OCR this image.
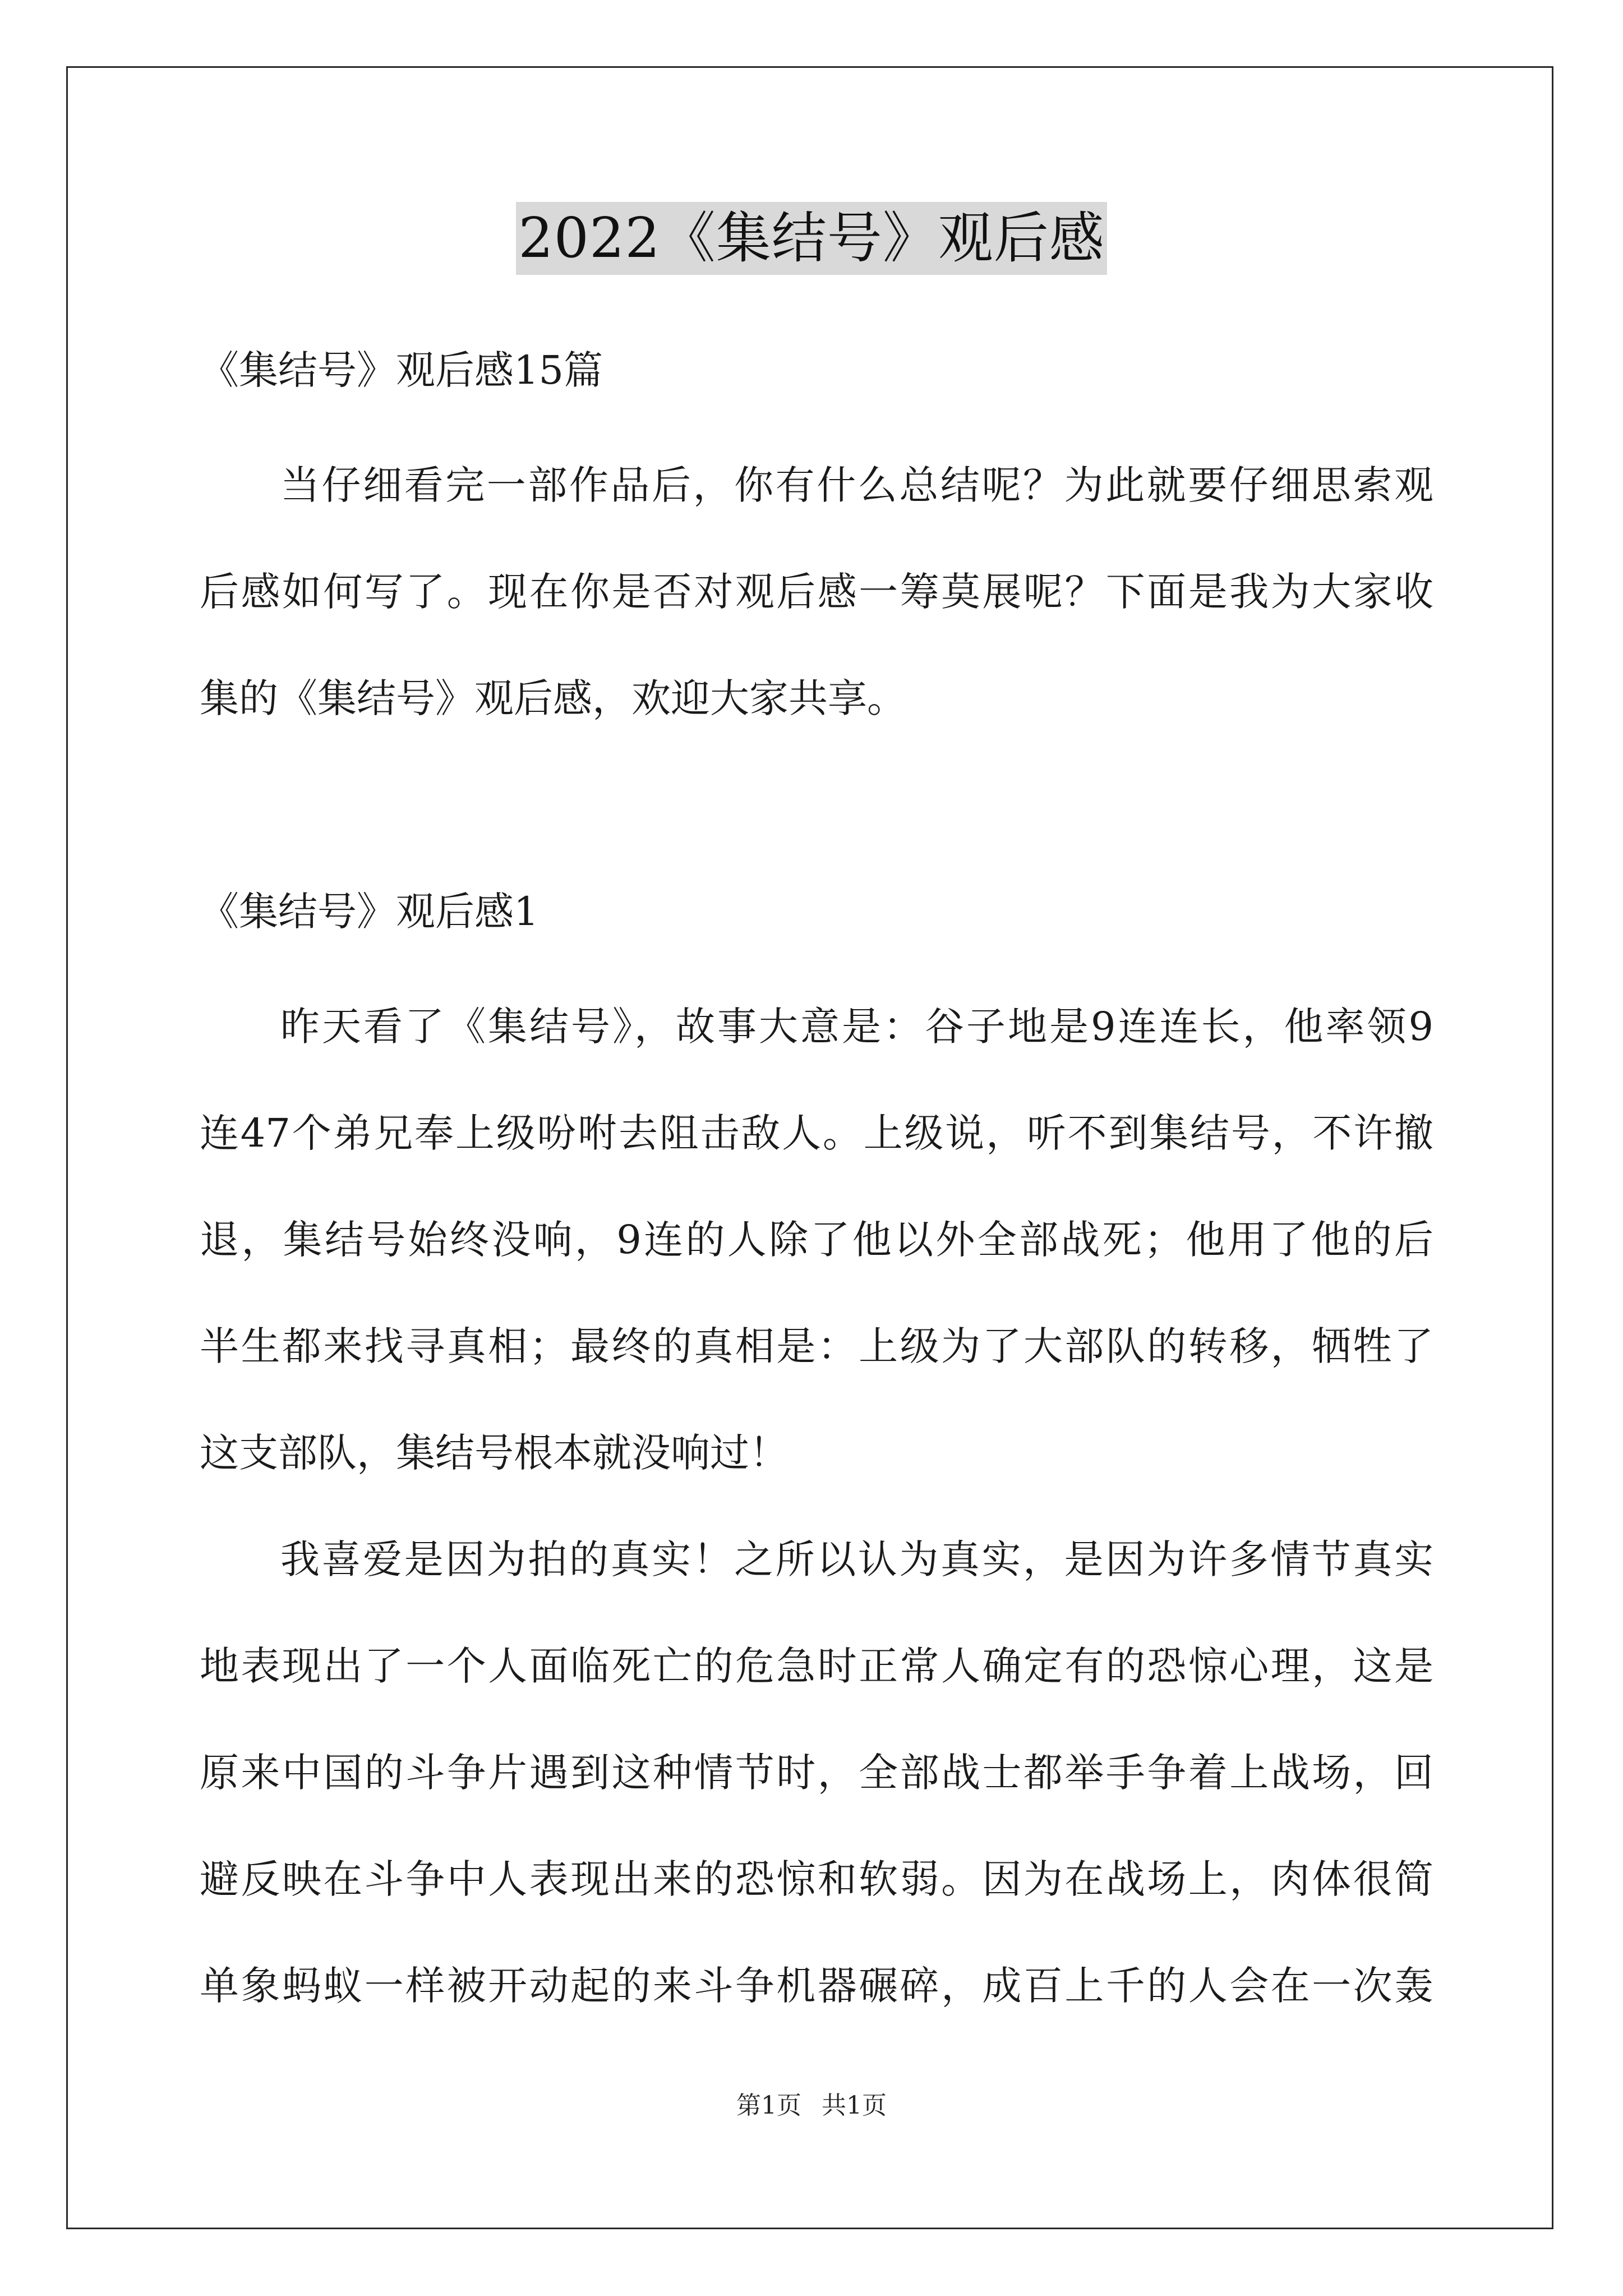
2022《集结号》观后感
《集结号》观后感15篇
当仔细看完一部作品后，你有什么总结呢？为此就要仔细思索观
后感如何写了。现在你是否对观后感一筹莫展呢？下面是我为大家收
集的《集结号》观后感，欢迎大家共享。
《集结号》观后感1
昨天看了《集结号》，故事大意是：谷子地是9连连长，他率领9
连47个弟兄奉上级吩咐去阻击敌人。上级说，听不到集结号，不许撤
退，集结号始终没响，9连的人除了他以外全部战死；他用了他的后
半生都来找寻真相；最终的真相是：上级为了大部队的转移，牺牲了
这支部队，集结号根本就没响过！
我喜爱是因为拍的真实！之所以认为真实，是因为许多情节真实
地表现出了一个人面临死亡的危急时正常人确定有的恐惊心理，这是
原来中国的斗争片遇到这种情节时，全部战士都举手争着上战场，回
避反映在斗争中人表现出来的恐惊和软弱。因为在战场上，肉体很简
单象蚂蚁一样被开动起的来斗争机器碾碎，成百上千的人会在一次轰
第1页 共1页
